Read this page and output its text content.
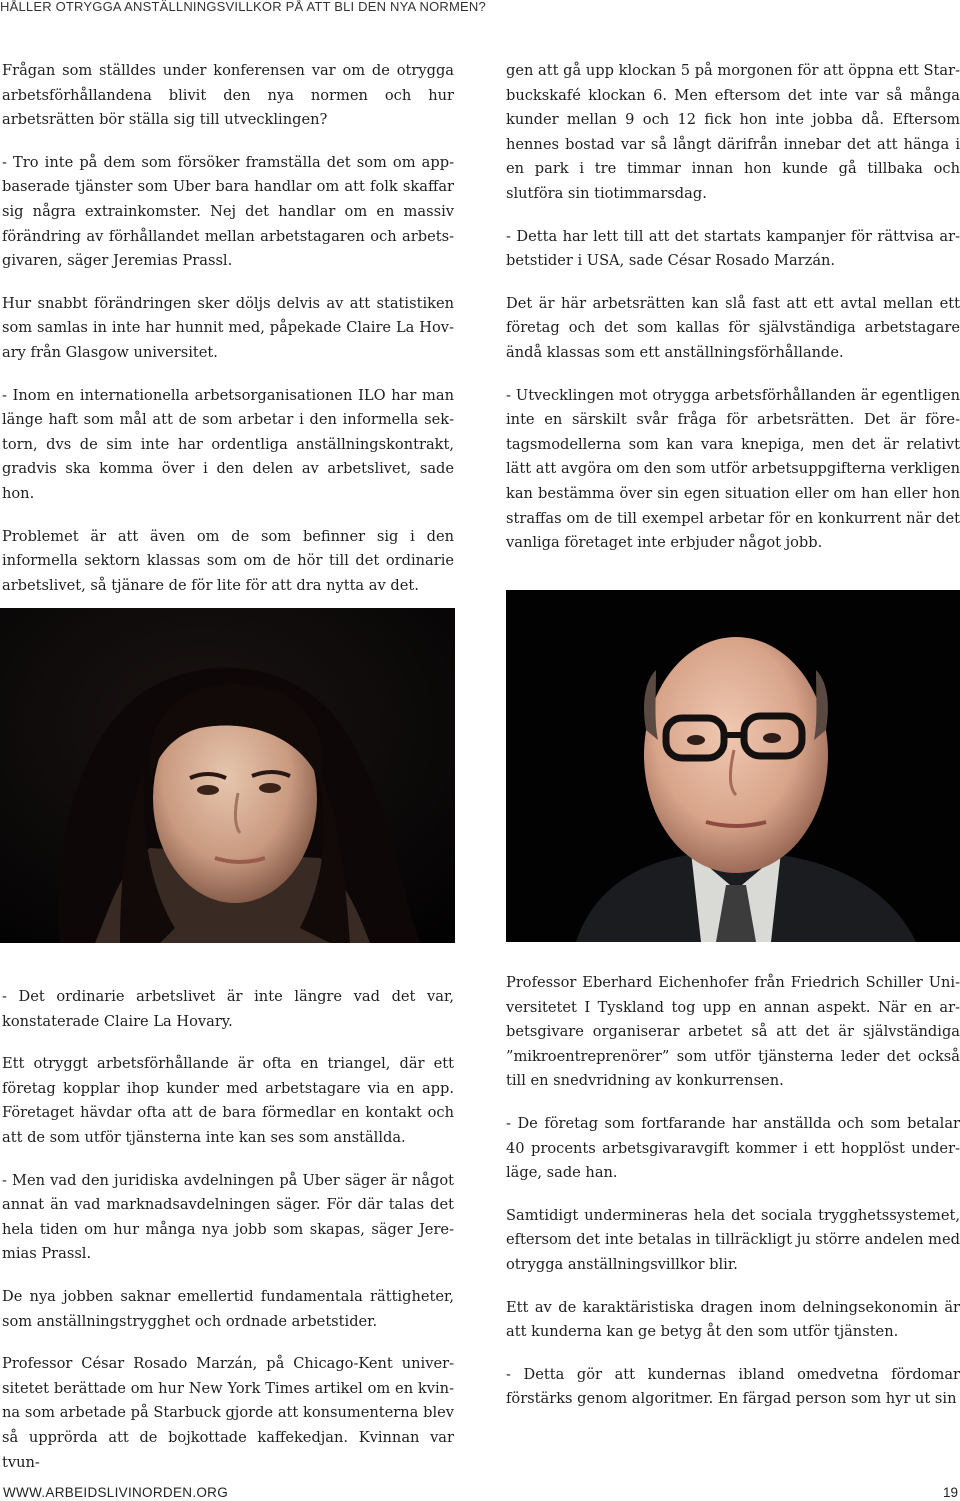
HÅLLER OTRYGGA ANSTÄLLNINGSVILLKOR PÅ ATT BLI DEN NYA NORMEN?

Frågan som ställdes under konferensen var om de otrygga arbetsförhållandena blivit den nya normen och hur arbetsrätten bör ställa sig till utvecklingen?

- Tro inte på dem som försöker framställa det som om appbaserade tjänster som Uber bara handlar om att folk skaffar sig några extrainkomster. Nej det handlar om en massiv förändring av förhållandet mellan arbetstagaren och arbetsgivaren, säger Jeremias Prassl.

Hur snabbt förändringen sker döljs delvis av att statistiken som samlas in inte har hunnit med, påpekade Claire La Hovary från Glasgow universitet.

- Inom en internationella arbetsorganisationen ILO har man länge haft som mål att de som arbetar i den informella sektorn, dvs de sim inte har ordentliga anställningskontrakt, gradvis ska komma över i den delen av arbetslivet, sade hon.

Problemet är att även om de som befinner sig i den informella sektorn klassas som om de hör till det ordinarie arbetslivet, så tjänare de för lite för att dra nytta av det.

gen att gå upp klockan 5 på morgonen för att öppna ett Starbuckskafé klockan 6. Men eftersom det inte var så många kunder mellan 9 och 12 fick hon inte jobba då. Eftersom hennes bostad var så långt därifrån innebar det att hänga i en park i tre timmar innan hon kunde gå tillbaka och slutföra sin tiotimmarsdag.

- Detta har lett till att det startats kampanjer för rättvisa arbetstider i USA, sade César Rosado Marzán.

Det är här arbetsrätten kan slå fast att ett avtal mellan ett företag och det som kallas för självständiga arbetstagare ändå klassas som ett anställningsförhållande.

- Utvecklingen mot otrygga arbetsförhållanden är egentligen inte en särskilt svår fråga för arbetsrätten. Det är företagsmodellerna som kan vara knepiga, men det är relativt lätt att avgöra om den som utför arbetsuppgifterna verkligen kan bestämma över sin egen situation eller om han eller hon straffas om de till exempel arbetar för en konkurrent när det vanliga företaget inte erbjuder något jobb.

- Det ordinarie arbetslivet är inte längre vad det var, konstaterade Claire La Hovary.

Ett otryggt arbetsförhållande är ofta en triangel, där ett företag kopplar ihop kunder med arbetstagare via en app. Företaget hävdar ofta att de bara förmedlar en kontakt och att de som utför tjänsterna inte kan ses som anställda.

- Men vad den juridiska avdelningen på Uber säger är något annat än vad marknadsavdelningen säger. För där talas det hela tiden om hur många nya jobb som skapas, säger Jeremias Prassl.

De nya jobben saknar emellertid fundamentala rättigheter, som anställningstrygghet och ordnade arbetstider.

Professor César Rosado Marzán, på Chicago-Kent universitetet berättade om hur New York Times artikel om en kvinna som arbetade på Starbuck gjorde att konsumenterna blev så upprörda att de bojkottade kaffekedjan. Kvinnan var tvun-

Professor Eberhard Eichenhofer från Friedrich Schiller Universitetet I Tyskland tog upp en annan aspekt. När en arbetsgivare organiserar arbetet så att det är självständiga ”mikroentreprenörer” som utför tjänsterna leder det också till en snedvridning av konkurrensen.

- De företag som fortfarande har anställda och som betalar 40 procents arbetsgivaravgift kommer i ett hopplöst underläge, sade han.

Samtidigt undermineras hela det sociala trygghetssystemet, eftersom det inte betalas in tillräckligt ju större andelen med otrygga anställningsvillkor blir.

Ett av de karaktäristiska dragen inom delningsekonomin är att kunderna kan ge betyg åt den som utför tjänsten.

- Detta gör att kundernas ibland omedvetna fördomar förstärks genom algoritmer. En färgad person som hyr ut sin

WWW.ARBEIDSLIVINORDEN.ORG	19
